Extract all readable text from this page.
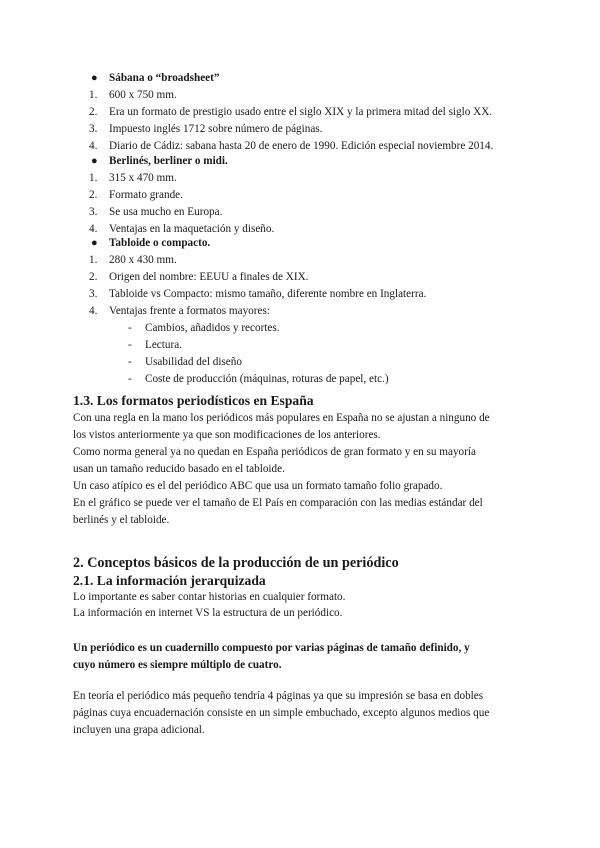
● Sábana o “broadsheet”
1. 600 x 750 mm.
2. Era un formato de prestigio usado entre el siglo XIX y la primera mitad del siglo XX.
3. Impuesto inglés 1712 sobre número de páginas.
4. Diario de Cádiz: sabana hasta 20 de enero de 1990. Edición especial noviembre 2014.
● Berlinés, berliner o midi.
1. 315 x 470 mm.
2. Formato grande.
3. Se usa mucho en Europa.
4. Ventajas en la maquetación y diseño.
● Tabloide o compacto.
1. 280 x 430 mm.
2. Origen del nombre: EEUU a finales de XIX.
3. Tabloide vs Compacto: mismo tamaño, diferente nombre en Inglaterra.
4. Ventajas frente a formatos mayores:
- Cambios, añadidos y recortes.
- Lectura.
- Usabilidad del diseño
- Coste de producción (máquinas, roturas de papel, etc.)
1.3. Los formatos periodísticos en España
Con una regla en la mano los periódicos más populares en España no se ajustan a ninguno de
los vistos anteriormente ya que son modificaciones de los anteriores.
Como norma general ya no quedan en España periódicos de gran formato y en su mayoría
usan un tamaño reducido basado en el tabloide.
Un caso atípico es el del periódico ABC que usa un formato tamaño folio grapado.
En el gráfico se puede ver el tamaño de El País en comparación con las medias estándar del
berlinés y el tabloide.
2. Conceptos básicos de la producción de un periódico
2.1. La información jerarquizada
Lo importante es saber contar historias en cualquier formato.
La información en internet VS la estructura de un periódico.
Un periódico es un cuadernillo compuesto por varias páginas de tamaño definido, y
cuyo número es siempre múltiplo de cuatro.
En teoría el periódico más pequeño tendría 4 páginas ya que su impresión se basa en dobles
páginas cuya encuadernación consiste en un simple embuchado, excepto algunos medios que
incluyen una grapa adicional.
